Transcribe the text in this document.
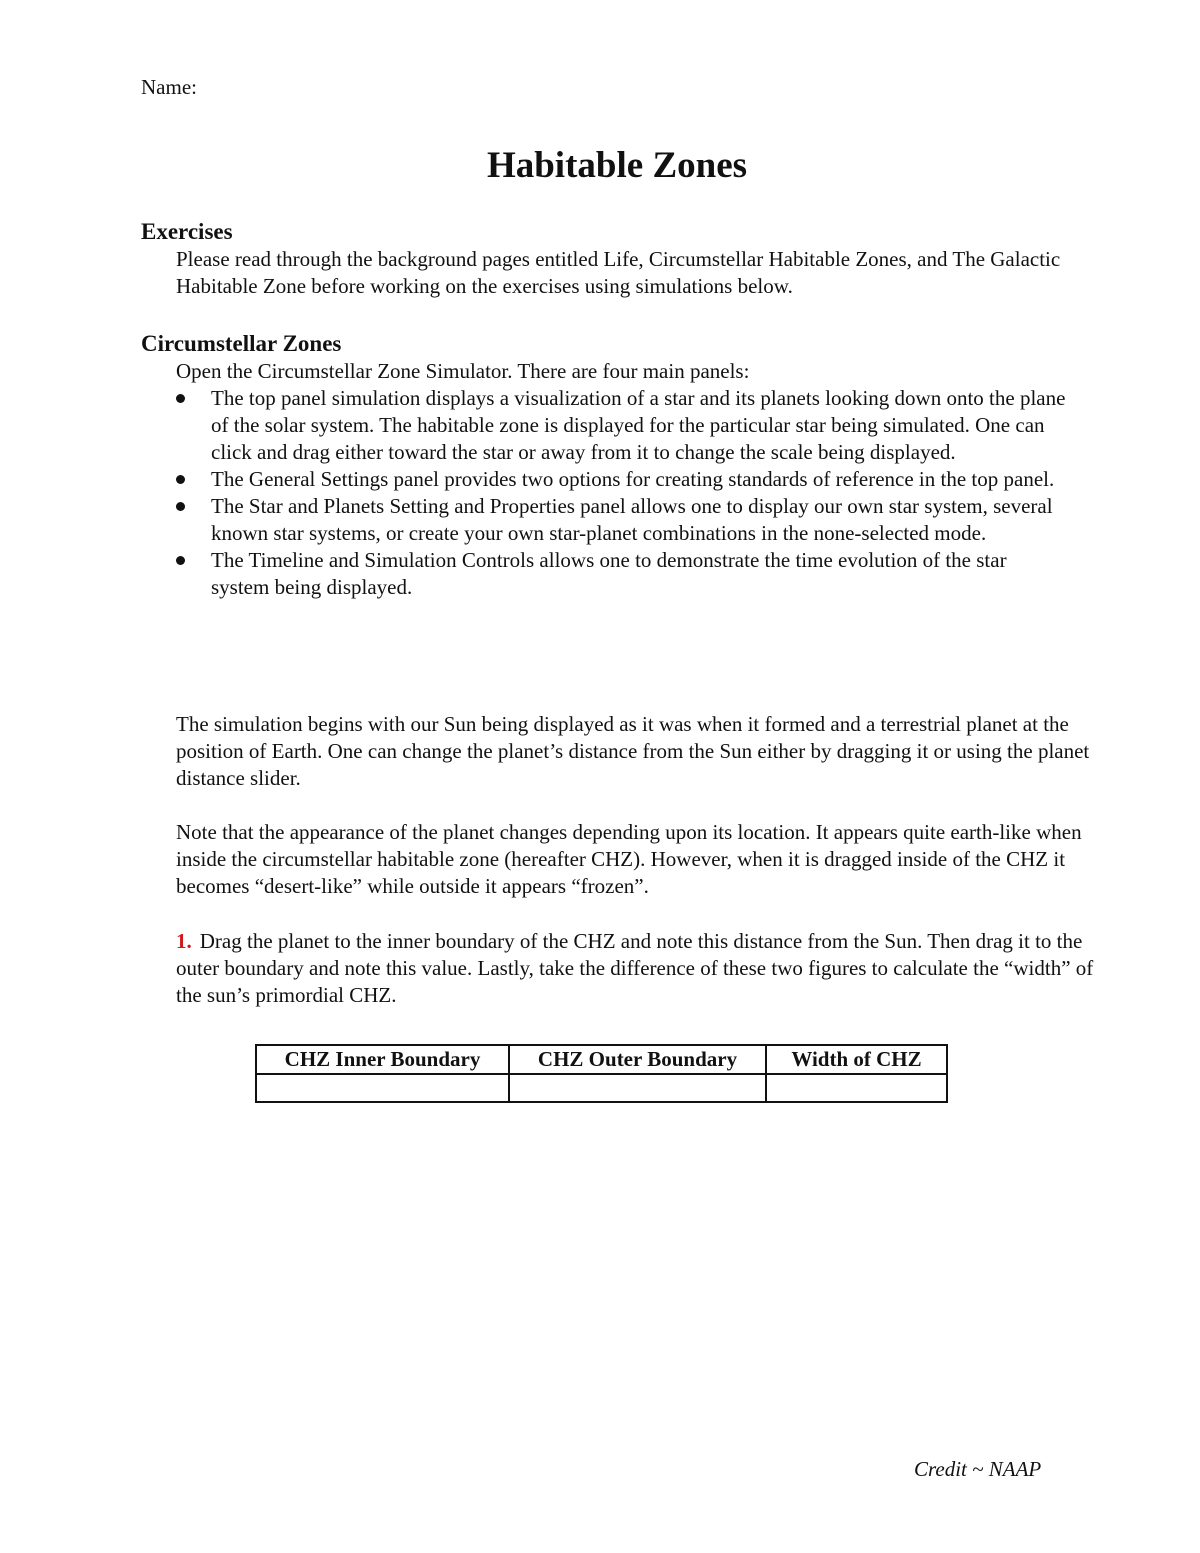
Name:
Habitable Zones
Exercises

Please read through the background pages entitled Life, Circumstellar Habitable Zones, and The Galactic Habitable Zone before working on the exercises using simulations below.

Circumstellar Zones

Open the Circumstellar Zone Simulator. There are four main panels:

The top panel simulation displays a visualization of a star and its planets looking down onto the plane of the solar system. The habitable zone is displayed for the particular star being simulated. One can click and drag either toward the star or away from it to change the scale being displayed.
The General Settings panel provides two options for creating standards of reference in the top panel.
The Star and Planets Setting and Properties panel allows one to display our own star system, several known star systems, or create your own star-planet combinations in the none-selected mode.
The Timeline and Simulation Controls allows one to demonstrate the time evolution of the star system being displayed.

The simulation begins with our Sun being displayed as it was when it formed and a terrestrial planet at the position of Earth. One can change the planet’s distance from the Sun either by dragging it or using the planet distance slider.

Note that the appearance of the planet changes depending upon its location. It appears quite earth-like when inside the circumstellar habitable zone (hereafter CHZ). However, when it is dragged inside of the CHZ it becomes “desert-like” while outside it appears “frozen”.

1. Drag the planet to the inner boundary of the CHZ and note this distance from the Sun. Then drag it to the outer boundary and note this value. Lastly, take the difference of these two figures to calculate the “width” of the sun’s primordial CHZ.

CHZ Inner Boundary	CHZ Outer Boundary	Width of CHZ

Credit ~ NAAP
